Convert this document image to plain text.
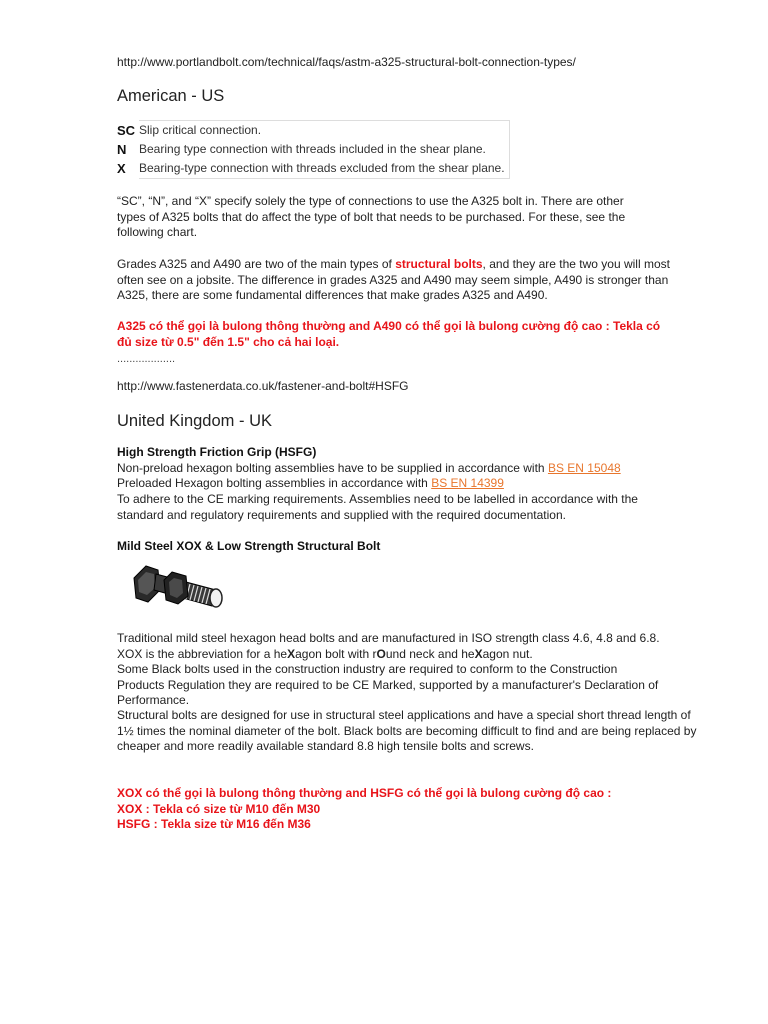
http://www.portlandbolt.com/technical/faqs/astm-a325-structural-bolt-connection-types/
American - US
SC	Slip critical connection.
N	Bearing type connection with threads included in the shear plane.
X	Bearing-type connection with threads excluded from the shear plane.

“SC”, “N”, and “X” specify solely the type of connections to use the A325 bolt in. There are other types of A325 bolts that do affect the type of bolt that needs to be purchased. For these, see the following chart.

Grades A325 and A490 are two of the main types of structural bolts, and they are the two you will most often see on a jobsite. The difference in grades A325 and A490 may seem simple, A490 is stronger than A325, there are some fundamental differences that make grades A325 and A490.

A325 có thể gọi là bulong thông thường and A490 có thể gọi là bulong cường độ cao : Tekla có đủ size từ 0.5" đến 1.5" cho cả hai loại.

...................
http://www.fastenerdata.co.uk/fastener-and-bolt#HSFG
United Kingdom - UK
High Strength Friction Grip (HSFG)

Non-preload hexagon bolting assemblies have to be supplied in accordance with BS EN 15048

Preloaded Hexagon bolting assemblies in accordance with BS EN 14399

To adhere to the CE marking requirements. Assemblies need to be labelled in accordance with the standard and regulatory requirements and supplied with the required documentation.

Mild Steel XOX & Low Strength Structural Bolt

Traditional mild steel hexagon head bolts and are manufactured in ISO strength class 4.6, 4.8 and 6.8. XOX is the abbreviation for a heXagon bolt with rOund neck and heXagon nut.

Some Black bolts used in the construction industry are required to conform to the Construction Products Regulation they are required to be CE Marked, supported by a manufacturer's Declaration of Performance.

Structural bolts are designed for use in structural steel applications and have a special short thread length of 1½ times the nominal diameter of the bolt. Black bolts are becoming difficult to find and are being replaced by cheaper and more readily available standard 8.8 high tensile bolts and screws.

XOX có thể gọi là bulong thông thường and HSFG có thể gọi là bulong cường độ cao :

XOX : Tekla có size từ M10 đến M30

HSFG : Tekla size từ M16 đến M36
